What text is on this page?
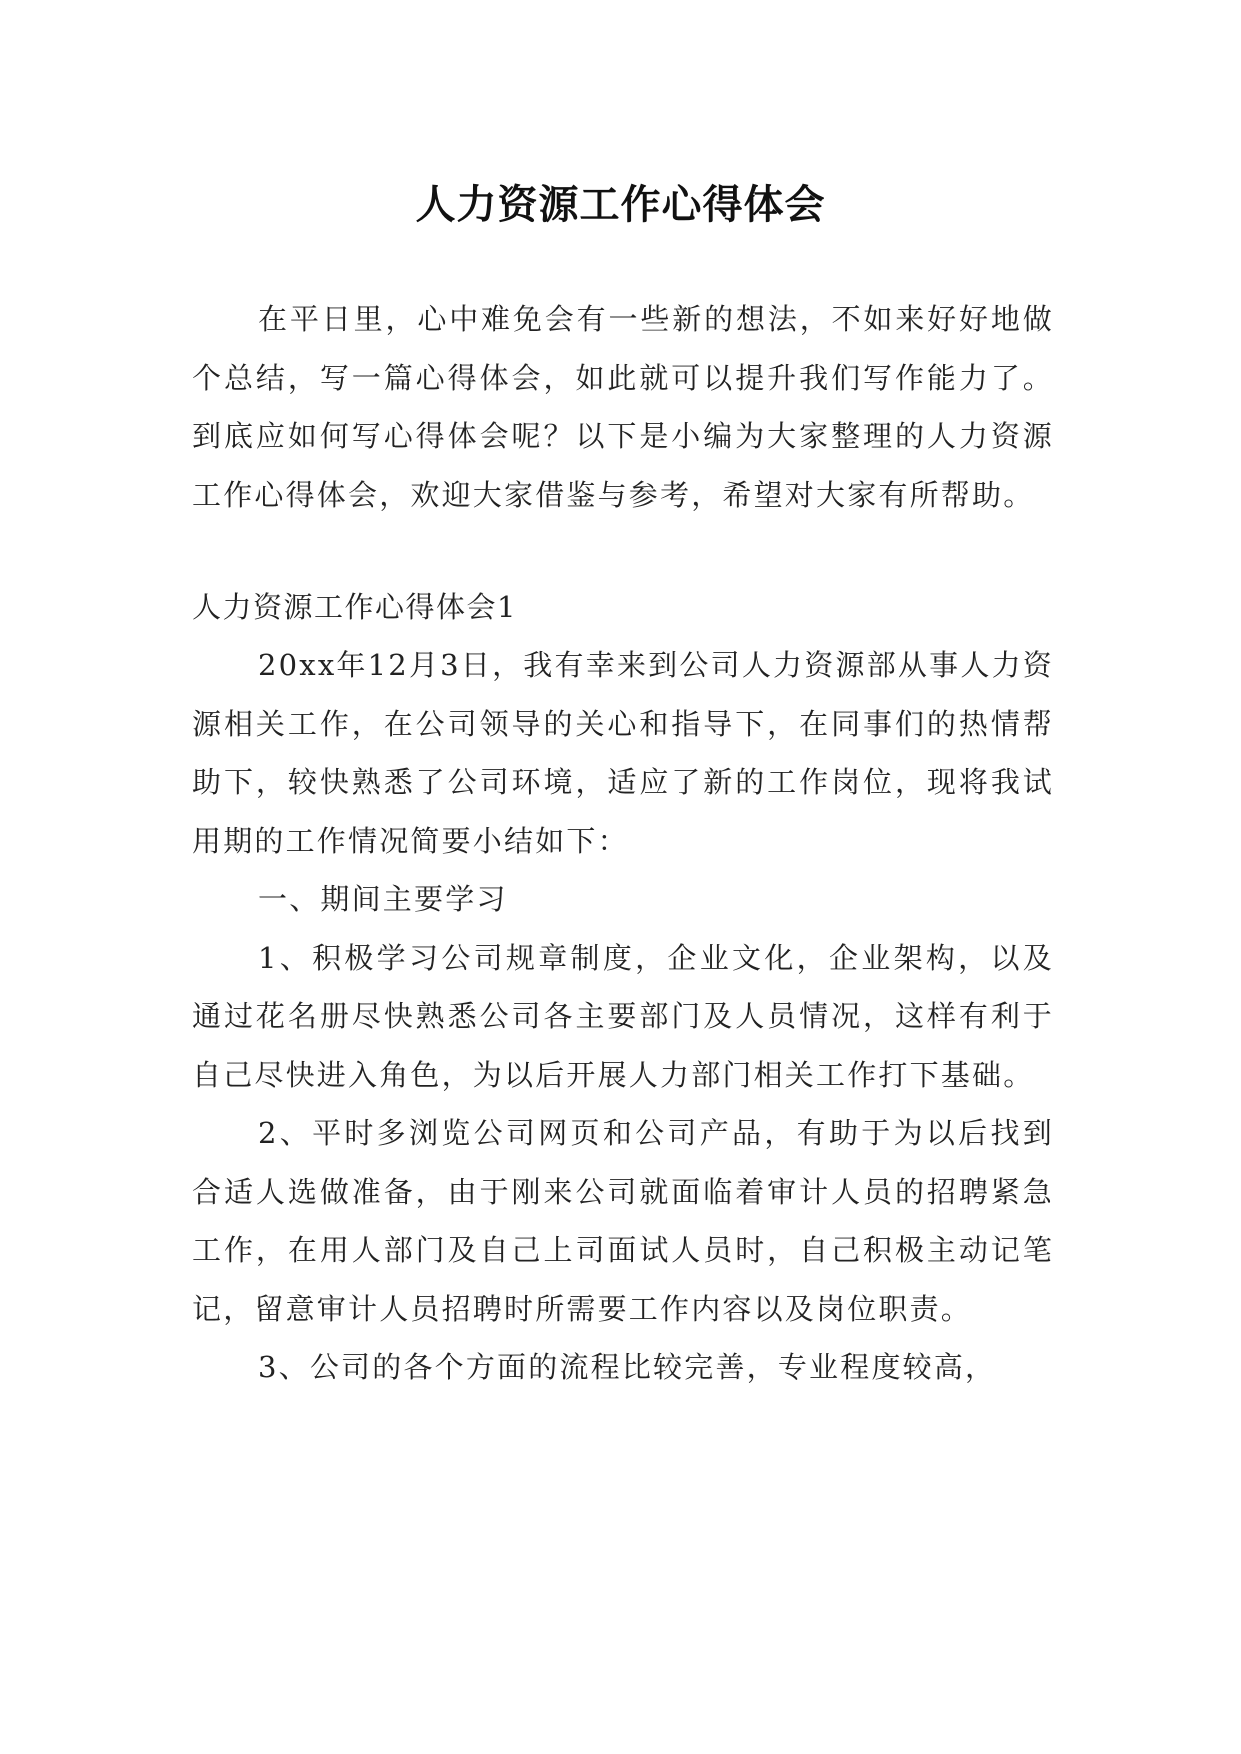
人力资源工作心得体会

在平日里，心中难免会有一些新的想法，不如来好好地做个总结，写一篇心得体会，如此就可以提升我们写作能力了。到底应如何写心得体会呢？以下是小编为大家整理的人力资源工作心得体会，欢迎大家借鉴与参考，希望对大家有所帮助。

人力资源工作心得体会1

20xx年12月3日，我有幸来到公司人力资源部从事人力资源相关工作，在公司领导的关心和指导下，在同事们的热情帮助下，较快熟悉了公司环境，适应了新的工作岗位，现将我试用期的工作情况简要小结如下：

一、期间主要学习

1、积极学习公司规章制度，企业文化，企业架构，以及通过花名册尽快熟悉公司各主要部门及人员情况，这样有利于自己尽快进入角色，为以后开展人力部门相关工作打下基础。

2、平时多浏览公司网页和公司产品，有助于为以后找到合适人选做准备，由于刚来公司就面临着审计人员的招聘紧急工作，在用人部门及自己上司面试人员时，自己积极主动记笔记，留意审计人员招聘时所需要工作内容以及岗位职责。

3、公司的各个方面的流程比较完善，专业程度较高，
